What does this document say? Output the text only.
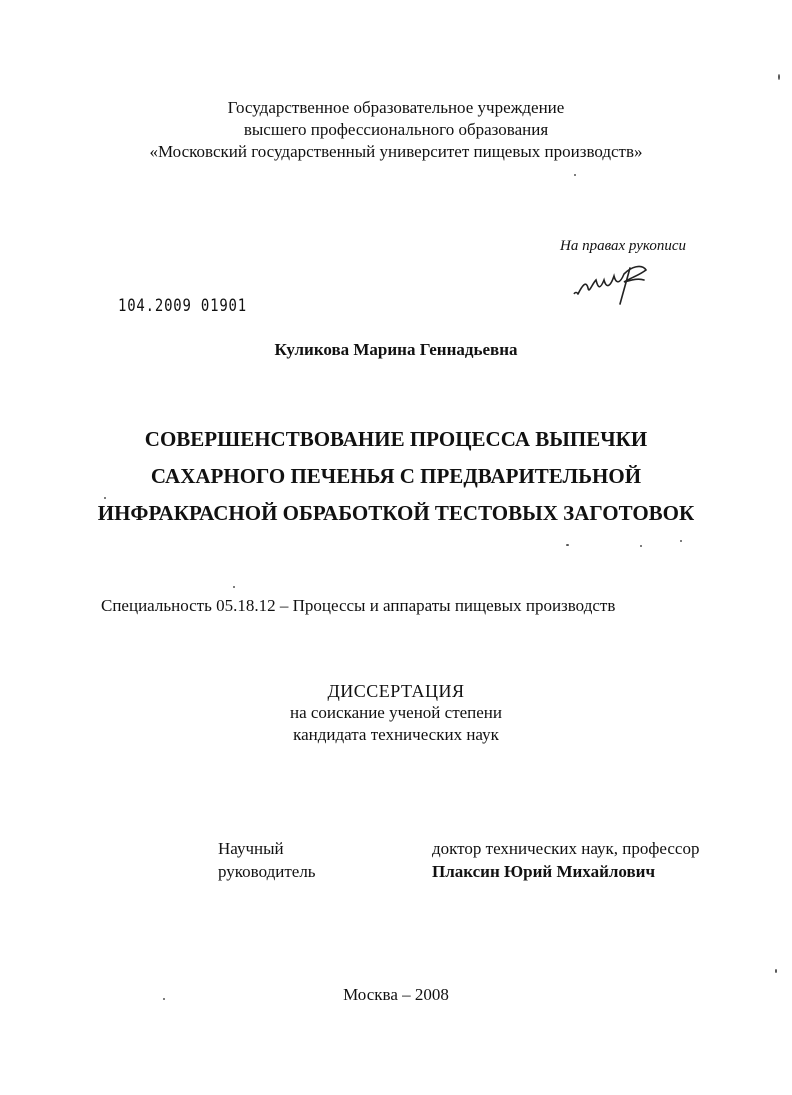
Государственное образовательное учреждение
высшего профессионального образования
«Московский государственный университет пищевых производств»
На правах рукописи
104.2009 01901
Куликова Марина Геннадьевна
СОВЕРШЕНСТВОВАНИЕ ПРОЦЕССА ВЫПЕЧКИ
САХАРНОГО ПЕЧЕНЬЯ С ПРЕДВАРИТЕЛЬНОЙ
ИНФРАКРАСНОЙ ОБРАБОТКОЙ ТЕСТОВЫХ ЗАГОТОВОК
Специальность 05.18.12 – Процессы и аппараты пищевых производств
ДИССЕРТАЦИЯ
на соискание ученой степени
кандидата технических наук
Научный
руководитель
доктор технических наук, профессор
Плаксин Юрий Михайлович
Москва – 2008
